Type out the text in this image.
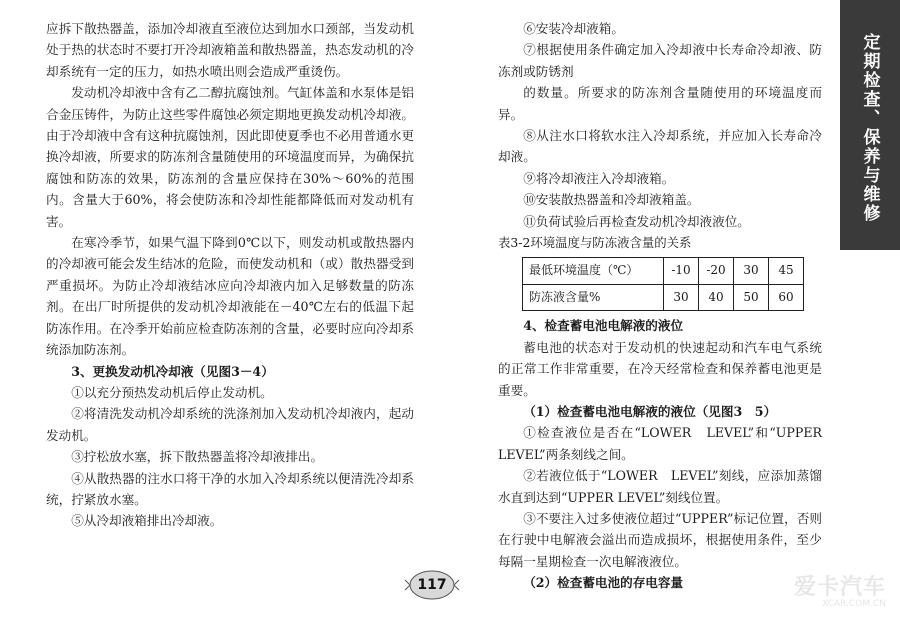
定期检查、保养与维修

应拆下散热器盖，添加冷却液直至液位达到加水口颈部，当发动机处于热的状态时不要打开冷却液箱盖和散热器盖，热态发动机的冷却系统有一定的压力，如热水喷出则会造成严重烫伤。

发动机冷却液中含有乙二醇抗腐蚀剂。气缸体盖和水泵体是铝合金压铸件，为防止这些零件腐蚀必须定期地更换发动机冷却液。由于冷却液中含有这种抗腐蚀剂，因此即使夏季也不必用普通水更换冷却液，所要求的防冻剂含量随使用的环境温度而异，为确保抗腐蚀和防冻的效果，防冻剂的含量应保持在30%～60%的范围内。含量大于60%，将会使防冻和冷却性能都降低而对发动机有害。

在寒冷季节，如果气温下降到0℃以下，则发动机或散热器内的冷却液可能会发生结冰的危险，而使发动机和（或）散热器受到严重损坏。为防止冷却液结冰应向冷却液内加入足够数量的防冻剂。在出厂时所提供的发动机冷却液能在－40℃左右的低温下起防冻作用。在冷季开始前应检查防冻剂的含量，必要时应向冷却系统添加防冻剂。

3、更换发动机冷却液（见图3－4）

①以充分预热发动机后停止发动机。

②将清洗发动机冷却系统的洗涤剂加入发动机冷却液内，起动发动机。

③拧松放水塞，拆下散热器盖将冷却液排出。

④从散热器的注水口将干净的水加入冷却系统以便清洗冷却系统，拧紧放水塞。

⑤从冷却液箱排出冷却液。

⑥安装冷却液箱。

⑦根据使用条件确定加入冷却液中长寿命冷却液、防冻剂或防锈剂

的数量。所要求的防冻剂含量随使用的环境温度而异。

⑧从注水口将软水注入冷却系统，并应加入长寿命冷却液。

⑨将冷却液注入冷却液箱。

⑩安装散热器盖和冷却液箱盖。

⑪负荷试验后再检查发动机冷却液液位。

表3-2环境温度与防冻液含量的关系

最低环境温度（℃）	-10	-20	30	45
防冻液含量%	30	40	50	60

4、检查蓄电池电解液的液位

蓄电池的状态对于发动机的快速起动和汽车电气系统的正常工作非常重要，在冷天经常检查和保养蓄电池更是重要。

（1）检查蓄电池电解液的液位（见图3　5）

①检查液位是否在“LOWER　LEVEL”和“UPPER LEVEL”两条刻线之间。

②若液位低于“LOWER　LEVEL”刻线，应添加蒸馏水直到达到“UPPER LEVEL”刻线位置。

③不要注入过多使液位超过“UPPER”标记位置，否则在行驶中电解液会溢出而造成损坏，根据使用条件，至少每隔一星期检查一次电解液液位。

（2）检查蓄电池的存电容量

117	爱卡汽车
XCAR.COM.CN
